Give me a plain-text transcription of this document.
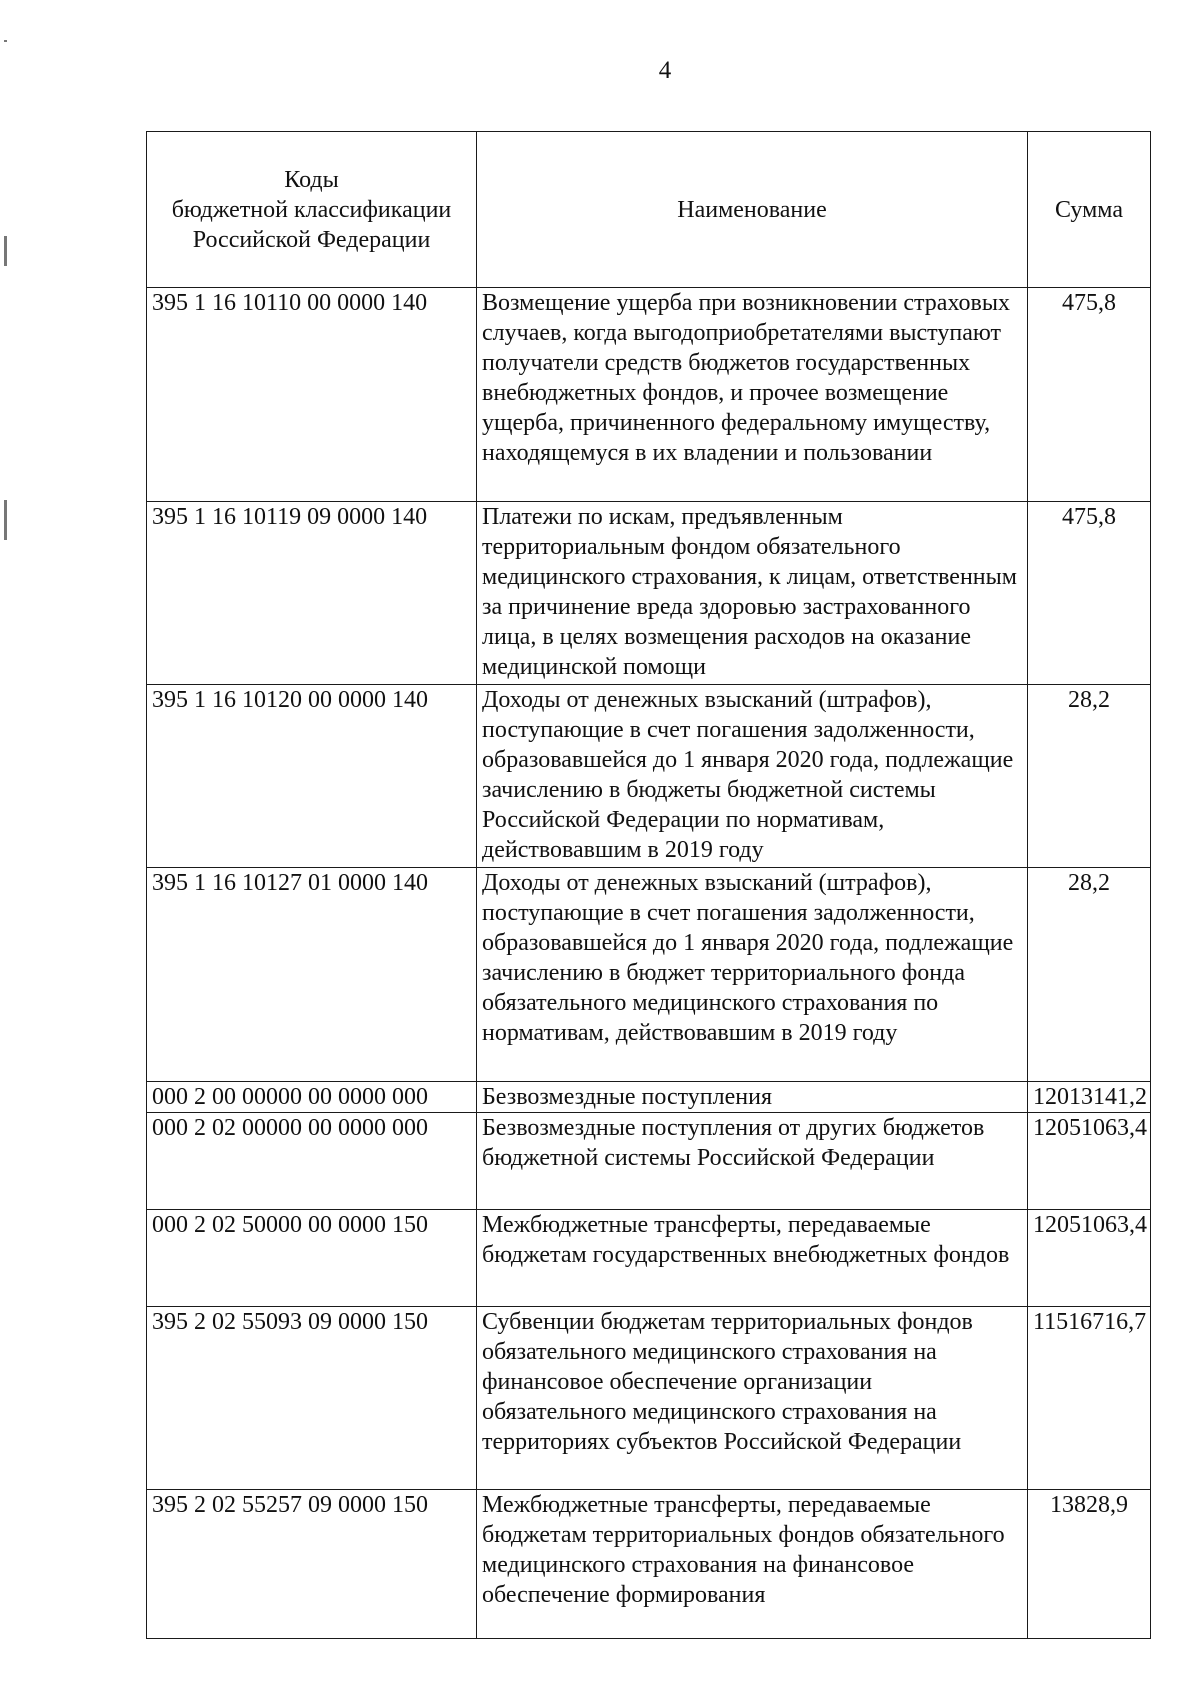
4
Коды
бюджетной классификации
Российской Федерации	Наименование	Сумма
395 1 16 10110 00 0000 140	Возмещение ущерба при возникновении страховых случаев, когда выгодоприобретателями выступают получатели средств бюджетов государственных внебюджетных фондов, и прочее возмещение ущерба, причиненного федеральному имуществу, находящемуся в их владении и пользовании	475,8
395 1 16 10119 09 0000 140	Платежи по искам, предъявленным территориальным фондом обязательного медицинского страхования, к лицам, ответственным за причинение вреда здоровью застрахованного лица, в целях возмещения расходов на оказание медицинской помощи	475,8
395 1 16 10120 00 0000 140	Доходы от денежных взысканий (штрафов), поступающие в счет погашения задолженности, образовавшейся до 1 января 2020 года, подлежащие зачислению в бюджеты бюджетной системы Российской Федерации по нормативам, действовавшим в 2019 году	28,2
395 1 16 10127 01 0000 140	Доходы от денежных взысканий (штрафов), поступающие в счет погашения задолженности, образовавшейся до 1 января 2020 года, подлежащие зачислению в бюджет территориального фонда обязательного медицинского страхования по нормативам, действовавшим в 2019 году	28,2
000 2 00 00000 00 0000 000	Безвозмездные поступления	12013141,2
000 2 02 00000 00 0000 000	Безвозмездные поступления от других бюджетов бюджетной системы Российской Федерации	12051063,4
000 2 02 50000 00 0000 150	Межбюджетные трансферты, передаваемые бюджетам государственных внебюджетных фондов	12051063,4
395 2 02 55093 09 0000 150	Субвенции бюджетам территориальных фондов обязательного медицинского страхования на финансовое обеспечение организации обязательного медицинского страхования на территориях субъектов Российской Федерации	11516716,7
395 2 02 55257 09 0000 150	Межбюджетные трансферты, передаваемые бюджетам территориальных фондов обязательного медицинского страхования на финансовое обеспечение формирования	13828,9
